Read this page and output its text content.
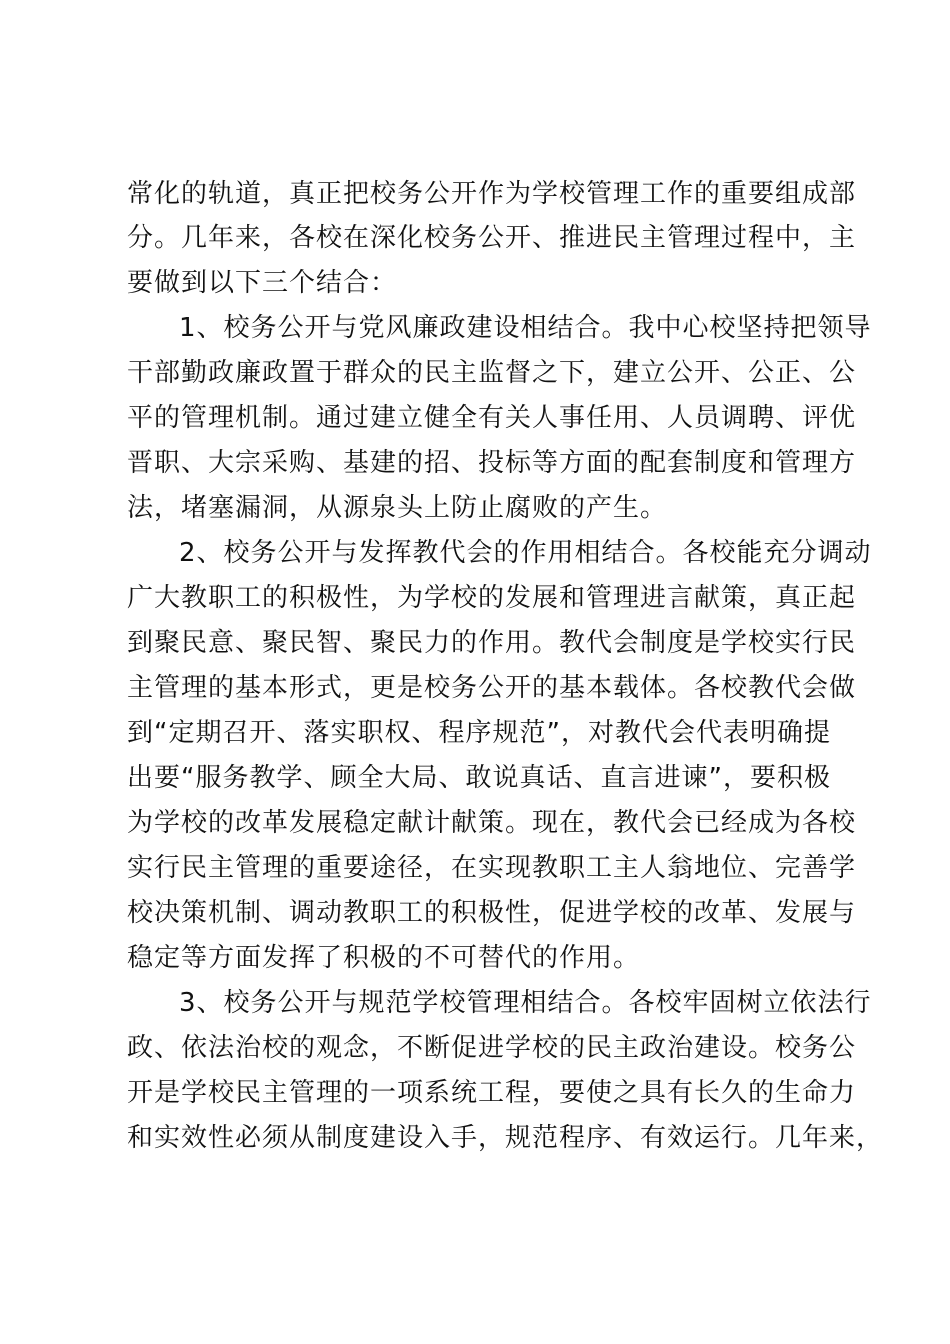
常化的轨道，真正把校务公开作为学校管理工作的重要组成部
分。几年来，各校在深化校务公开、推进民主管理过程中，主
要做到以下三个结合：
1、校务公开与党风廉政建设相结合。我中心校坚持把领导
干部勤政廉政置于群众的民主监督之下，建立公开、公正、公
平的管理机制。通过建立健全有关人事任用、人员调聘、评优
晋职、大宗采购、基建的招、投标等方面的配套制度和管理方
法，堵塞漏洞，从源泉头上防止腐败的产生。
2、校务公开与发挥教代会的作用相结合。各校能充分调动
广大教职工的积极性，为学校的发展和管理进言献策，真正起
到聚民意、聚民智、聚民力的作用。教代会制度是学校实行民
主管理的基本形式，更是校务公开的基本载体。各校教代会做
到“定期召开、落实职权、程序规范”，对教代会代表明确提
出要“服务教学、顾全大局、敢说真话、直言进谏”，要积极
为学校的改革发展稳定献计献策。现在，教代会已经成为各校
实行民主管理的重要途径，在实现教职工主人翁地位、完善学
校决策机制、调动教职工的积极性，促进学校的改革、发展与
稳定等方面发挥了积极的不可替代的作用。
3、校务公开与规范学校管理相结合。各校牢固树立依法行
政、依法治校的观念，不断促进学校的民主政治建设。校务公
开是学校民主管理的一项系统工程，要使之具有长久的生命力
和实效性必须从制度建设入手，规范程序、有效运行。几年来，
